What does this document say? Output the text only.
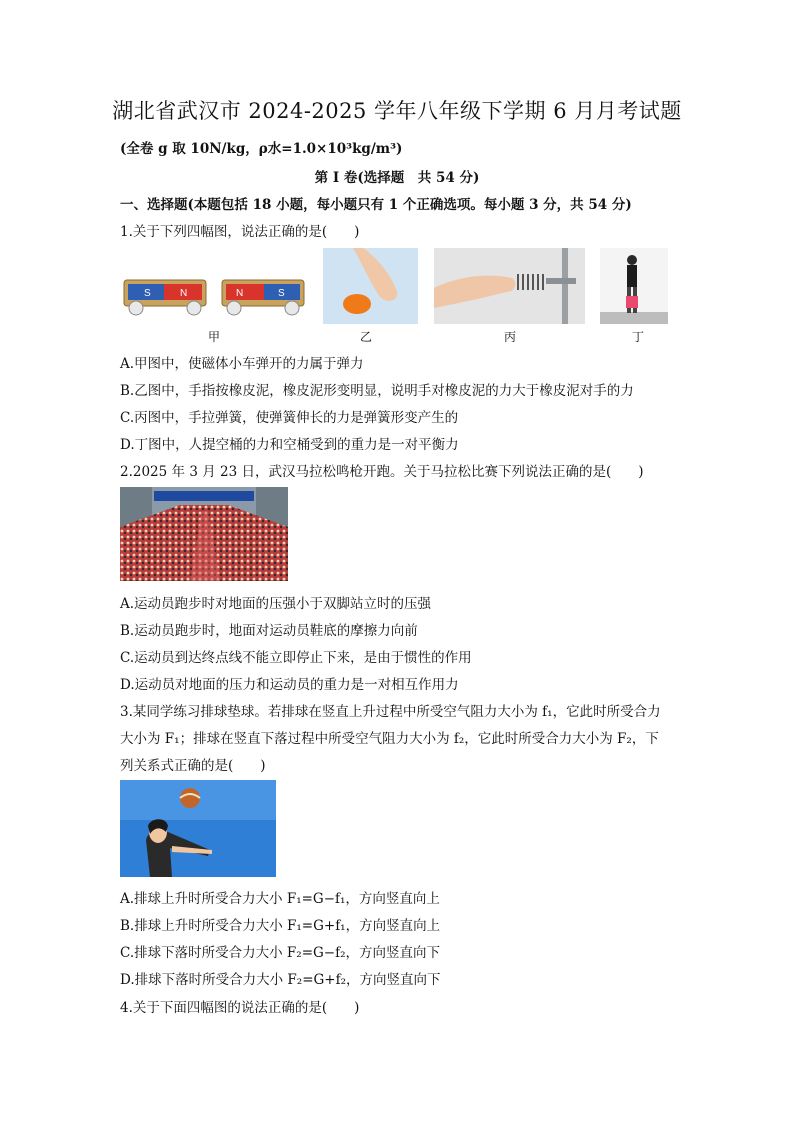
湖北省武汉市 2024-2025 学年八年级下学期 6 月月考试题
(全卷 g 取 10N/kg，ρ水=1.0×10³kg/m³)
第 I 卷(选择题　共 54 分)
一、选择题(本题包括 18 小题，每小题只有 1 个正确选项。每小题 3 分，共 54 分)
1.关于下列四幅图，说法正确的是(　　)
S	N	N	S
甲	乙	丙	丁
A.甲图中，使磁体小车弹开的力属于弹力
B.乙图中，手指按橡皮泥，橡皮泥形变明显，说明手对橡皮泥的力大于橡皮泥对手的力
C.丙图中，手拉弹簧，使弹簧伸长的力是弹簧形变产生的
D.丁图中，人提空桶的力和空桶受到的重力是一对平衡力
2.2025 年 3 月 23 日，武汉马拉松鸣枪开跑。关于马拉松比赛下列说法正确的是(　　)
A.运动员跑步时对地面的压强小于双脚站立时的压强
B.运动员跑步时，地面对运动员鞋底的摩擦力向前
C.运动员到达终点线不能立即停止下来，是由于惯性的作用
D.运动员对地面的压力和运动员的重力是一对相互作用力
3.某同学练习排球垫球。若排球在竖直上升过程中所受空气阻力大小为 f₁，它此时所受合力
大小为 F₁；排球在竖直下落过程中所受空气阻力大小为 f₂，它此时所受合力大小为 F₂，下
列关系式正确的是(　　)
A.排球上升时所受合力大小 F₁=G−f₁，方向竖直向上
B.排球上升时所受合力大小 F₁=G+f₁，方向竖直向上
C.排球下落时所受合力大小 F₂=G−f₂，方向竖直向下
D.排球下落时所受合力大小 F₂=G+f₂，方向竖直向下
4.关于下面四幅图的说法正确的是(　　)
